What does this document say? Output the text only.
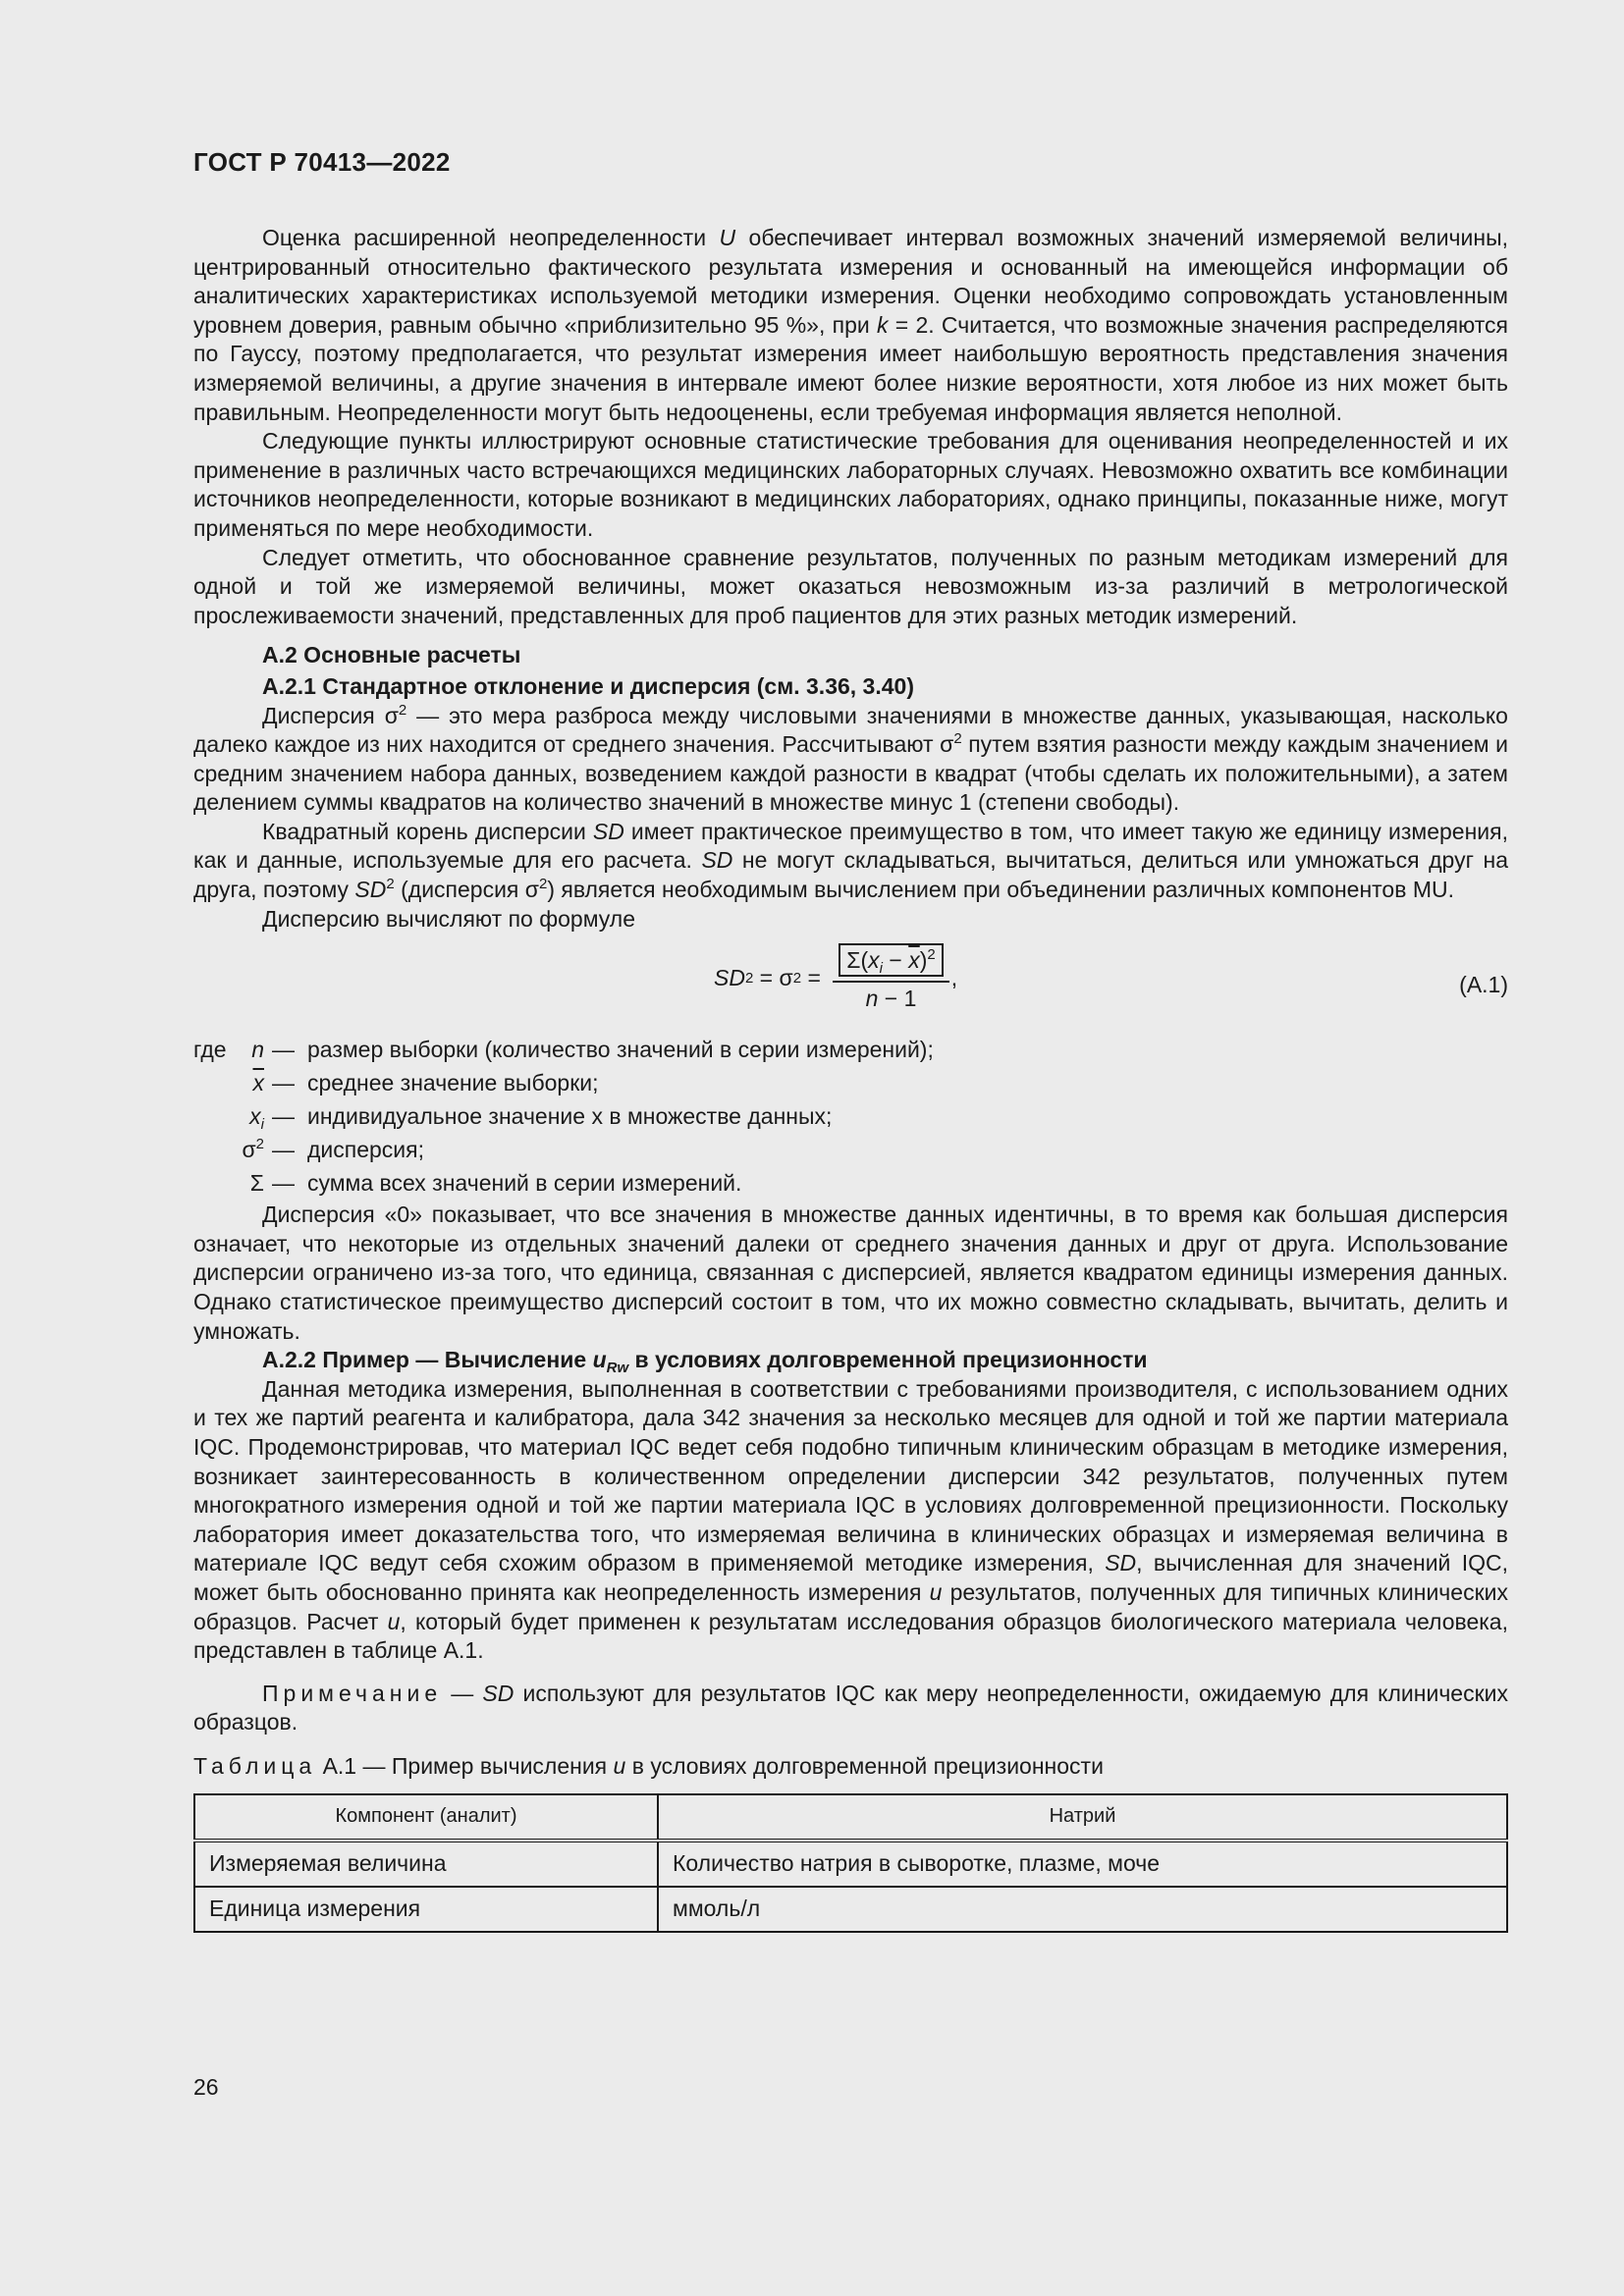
ГОСТ Р 70413—2022

Оценка расширенной неопределенности U обеспечивает интервал возможных значений измеряемой величины, центрированный относительно фактического результата измерения и основанный на имеющейся информации об аналитических характеристиках используемой методики измерения. Оценки необходимо сопровождать установленным уровнем доверия, равным обычно «приблизительно 95 %», при k = 2. Считается, что возможные значения распределяются по Гауссу, поэтому предполагается, что результат измерения имеет наибольшую вероятность представления значения измеряемой величины, а другие значения в интервале имеют более низкие вероятности, хотя любое из них может быть правильным. Неопределенности могут быть недооценены, если требуемая информация является неполной.

Следующие пункты иллюстрируют основные статистические требования для оценивания неопределенностей и их применение в различных часто встречающихся медицинских лабораторных случаях. Невозможно охватить все комбинации источников неопределенности, которые возникают в медицинских лабораториях, однако принципы, показанные ниже, могут применяться по мере необходимости.

Следует отметить, что обоснованное сравнение результатов, полученных по разным методикам измерений для одной и той же измеряемой величины, может оказаться невозможным из-за различий в метрологической прослеживаемости значений, представленных для проб пациентов для этих разных методик измерений.

А.2 Основные расчеты

А.2.1 Стандартное отклонение и дисперсия (см. 3.36, 3.40)

Дисперсия $\sigma^2$ — это мера разброса между числовыми значениями в множестве данных, указывающая, насколько далеко каждое из них находится от среднего значения. Рассчитывают $\sigma^2$ путем взятия разности между каждым значением и средним значением набора данных, возведением каждой разности в квадрат (чтобы сделать их положительными), а затем делением суммы квадратов на количество значений в множестве минус 1 (степени свободы).

Квадратный корень дисперсии SD имеет практическое преимущество в том, что имеет такую же единицу измерения, как и данные, используемые для его расчета. SD не могут складываться, вычитаться, делиться или умножаться друг на друга, поэтому $SD^2$ (дисперсия $\sigma^2$) является необходимым вычислением при объединении различных компонентов MU.

Дисперсию вычисляют по формуле

SD 2 = σ $2 = \frac{\Sigma(x_i - \overline{x})^2}{n - 1}$ ,	(А.1)
где	n — размер выборки (количество значений в серии измерений);
$\overline{x}$ — среднее значение выборки;
$x_i$ — индивидуальное значение x в множестве данных;
$\sigma^2$ — дисперсия;
Σ — сумма всех значений в серии измерений.

Дисперсия «0» показывает, что все значения в множестве данных идентичны, в то время как большая дисперсия означает, что некоторые из отдельных значений далеки от среднего значения данных и друг от друга. Использование дисперсии ограничено из-за того, что единица, связанная с дисперсией, является квадратом единицы измерения данных. Однако статистическое преимущество дисперсий состоит в том, что их можно совместно складывать, вычитать, делить и умножать.

А.2.2 Пример — Вычисление $u_{Rw}$ в условиях долговременной прецизионности

Данная методика измерения, выполненная в соответствии с требованиями производителя, с использованием одних и тех же партий реагента и калибратора, дала 342 значения за несколько месяцев для одной и той же партии материала IQC. Продемонстрировав, что материал IQC ведет себя подобно типичным клиническим образцам в методике измерения, возникает заинтересованность в количественном определении дисперсии 342 результатов, полученных путем многократного измерения одной и той же партии материала IQC в условиях долговременной прецизионности. Поскольку лаборатория имеет доказательства того, что измеряемая величина в клинических образцах и измеряемая величина в материале IQC ведут себя схожим образом в применяемой методике измерения, SD, вычисленная для значений IQC, может быть обоснованно принята как неопределенность измерения u результатов, полученных для типичных клинических образцов. Расчет u, который будет применен к результатам исследования образцов биологического материала человека, представлен в таблице А.1.

Примечание — SD используют для результатов IQC как меру неопределенности, ожидаемую для клинических образцов.

Таблица А.1 — Пример вычисления u в условиях долговременной прецизионности

Компонент (аналит)	Натрий
Измеряемая величина	Количество натрия в сыворотке, плазме, моче
Единица измерения	ммоль/л
26
